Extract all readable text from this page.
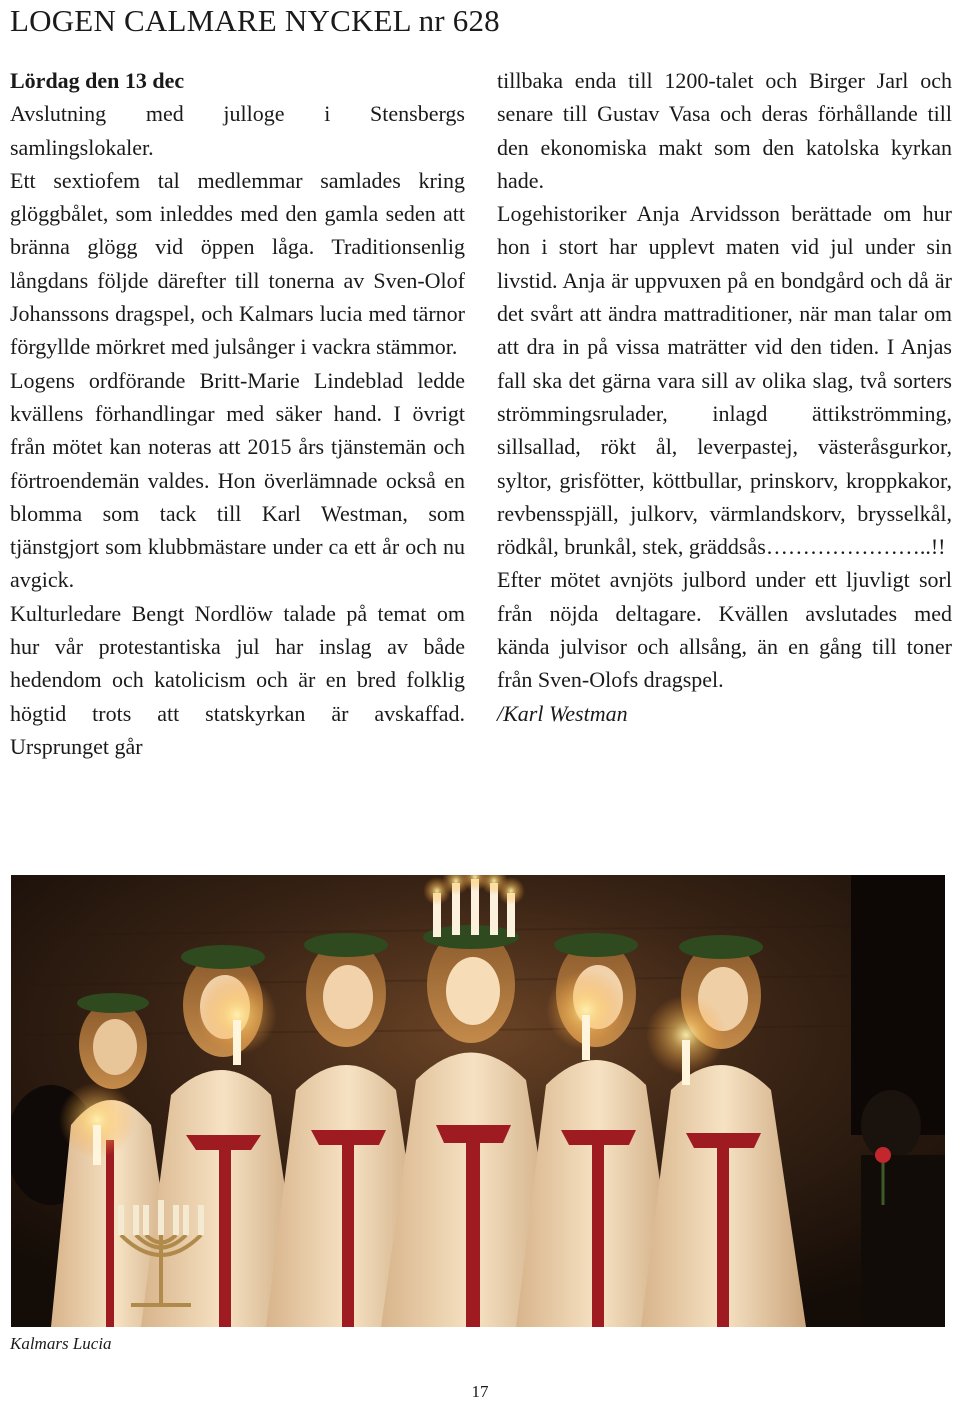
LOGEN CALMARE NYCKEL nr 628

Lördag den 13 dec

Avslutning med julloge i Stensbergs samlingslokaler.

Ett sextiofem tal medlemmar samlades kring glöggbålet, som inleddes med den gamla seden att bränna glögg vid öppen låga. Traditionsenlig långdans följde därefter till tonerna av Sven-Olof Johanssons dragspel, och Kalmars lucia med tärnor förgyllde mörkret med julsånger i vackra stämmor.

Logens ordförande Britt-Marie Lindeblad ledde kvällens förhandlingar med säker hand. I övrigt från mötet kan noteras att 2015 års tjänstemän och förtroendemän valdes. Hon överlämnade också en blomma som tack till Karl Westman, som tjänstgjort som klubbmästare under ca ett år och nu avgick.

Kulturledare Bengt Nordlöw talade på temat om hur vår protestantiska jul har inslag av både hedendom och katolicism och är en bred folklig högtid trots att statskyrkan är avskaffad. Ursprunget går

tillbaka enda till 1200-talet och Birger Jarl och senare till Gustav Vasa och deras förhållande till den ekonomiska makt som den katolska kyrkan hade.

Logehistoriker Anja Arvidsson berättade om hur hon i stort har upplevt maten vid jul under sin livstid. Anja är uppvuxen på en bondgård och då är det svårt att ändra mattraditioner, när man talar om att dra in på vissa maträtter vid den tiden. I Anjas fall ska det gärna vara sill av olika slag, två sorters strömmingsrulader, inlagd ättikströmming, sillsallad, rökt ål, leverpastej, västeråsgurkor, syltor, grisfötter, köttbullar, prinskorv, kroppkakor, revbensspjäll, julkorv, värmlandskorv, brysselkål, rödkål, brunkål, stek, gräddsås…………………..!!

Efter mötet avnjöts julbord under ett ljuvligt sorl från nöjda deltagare. Kvällen avslutades med kända julvisor och allsång, än en gång till toner från Sven-Olofs dragspel.

/Karl Westman

Kalmars Lucia
17
